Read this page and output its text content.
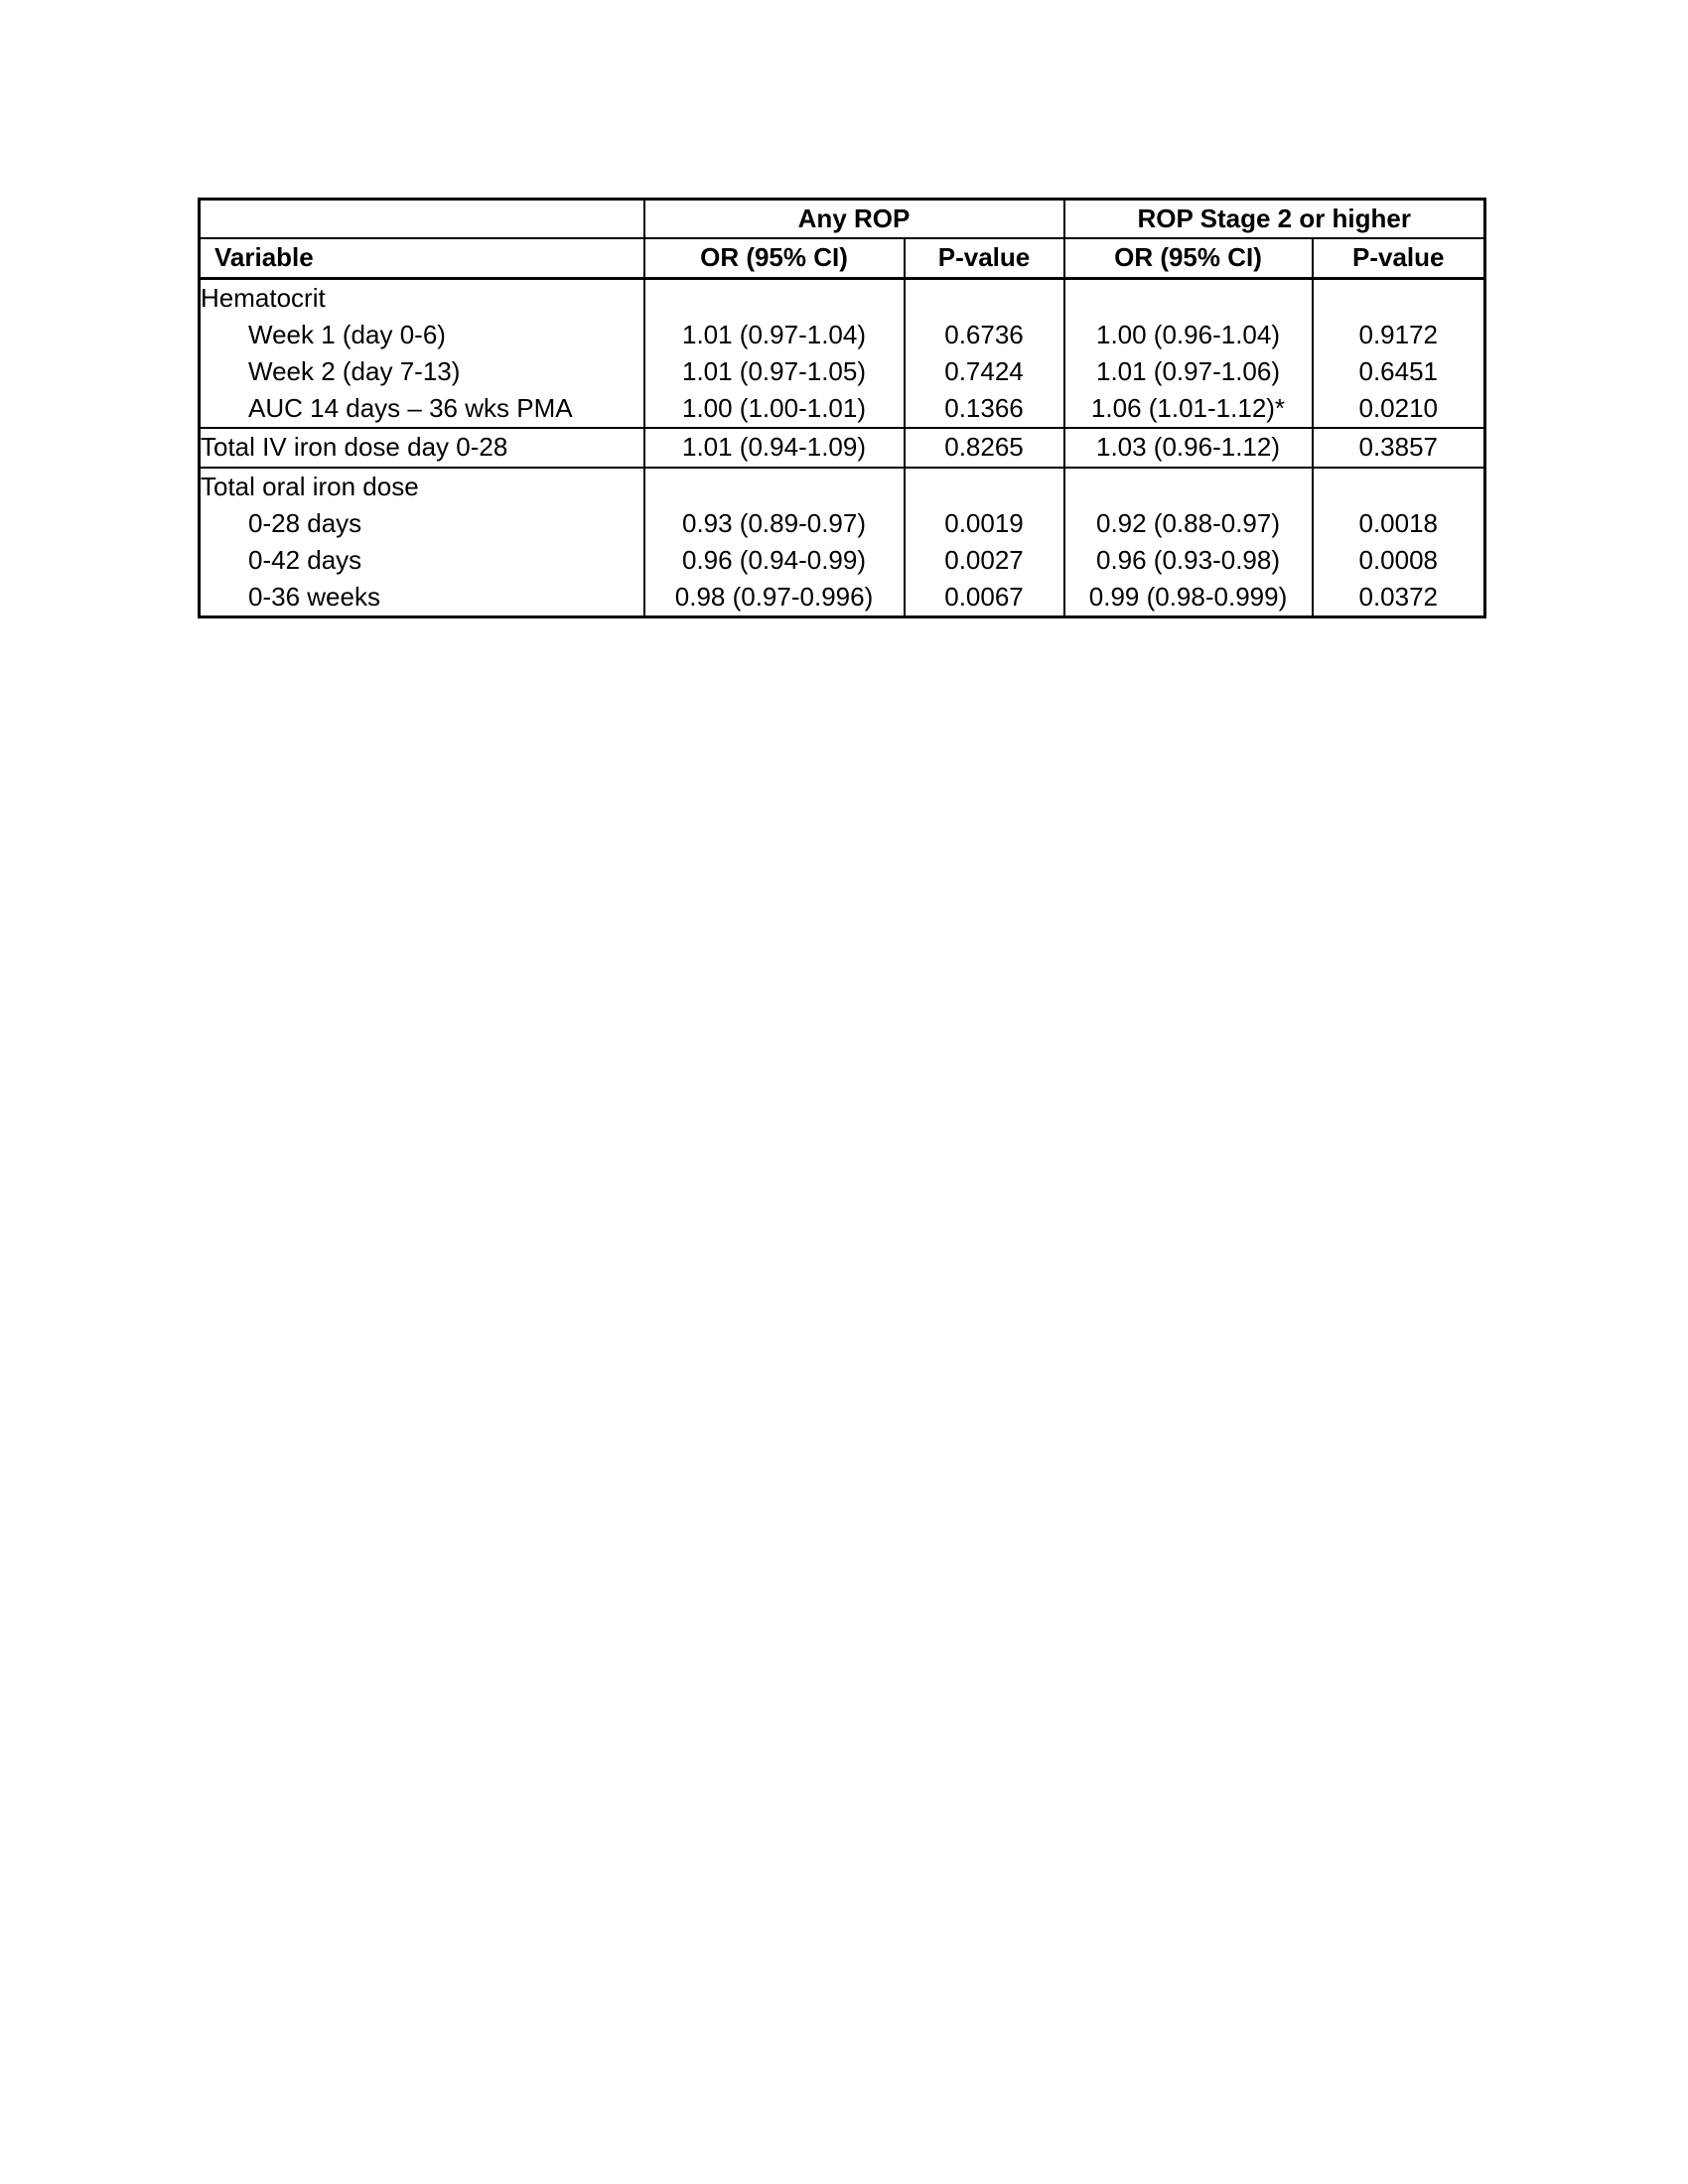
	Any ROP		ROP Stage 2 or higher	
Variable	OR (95% CI)	P-value	OR (95% CI)	P-value
Hematocrit				
Week 1 (day 0-6)	1.01 (0.97-1.04)	0.6736	1.00 (0.96-1.04)	0.9172
Week 2 (day 7-13)	1.01 (0.97-1.05)	0.7424	1.01 (0.97-1.06)	0.6451
AUC 14 days – 36 wks PMA	1.00 (1.00-1.01)	0.1366	1.06 (1.01-1.12)*	0.0210
Total IV iron dose day 0-28	1.01 (0.94-1.09)	0.8265	1.03 (0.96-1.12)	0.3857
Total oral iron dose				
0-28 days	0.93 (0.89-0.97)	0.0019	0.92 (0.88-0.97)	0.0018
0-42 days	0.96 (0.94-0.99)	0.0027	0.96 (0.93-0.98)	0.0008
0-36 weeks	0.98 (0.97-0.996)	0.0067	0.99 (0.98-0.999)	0.0372
